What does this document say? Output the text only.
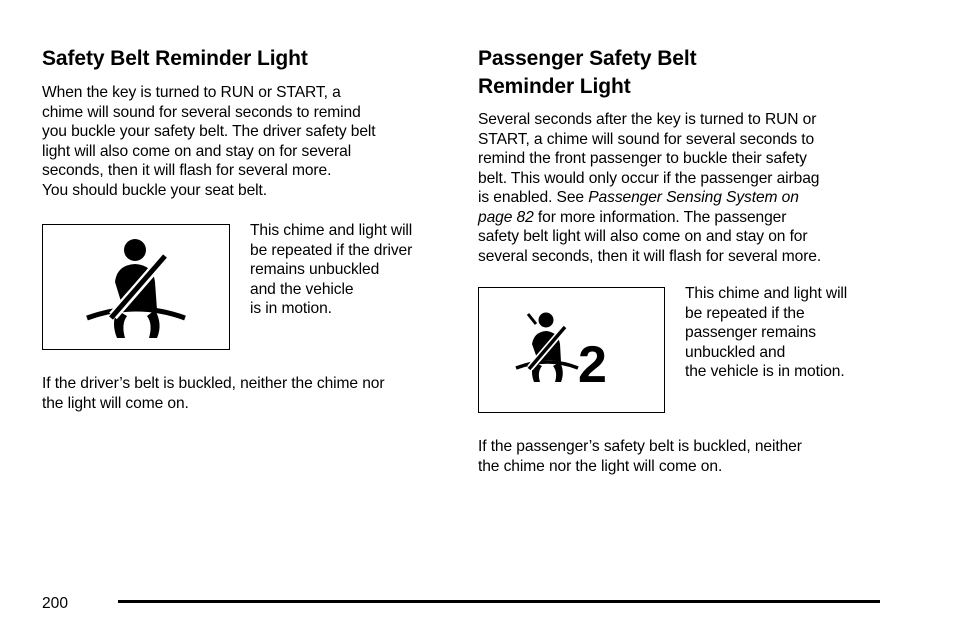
Safety Belt Reminder Light

When the key is turned to RUN or START, a
chime will sound for several seconds to remind
you buckle your safety belt. The driver safety belt
light will also come on and stay on for several
seconds, then it will flash for several more.
You should buckle your seat belt.

This chime and light will
be repeated if the driver
remains unbuckled
and the vehicle
is in motion.

If the driver’s belt is buckled, neither the chime nor
the light will come on.

Passenger Safety Belt
Reminder Light

Several seconds after the key is turned to RUN or
START, a chime will sound for several seconds to
remind the front passenger to buckle their safety
belt. This would only occur if the passenger airbag
is enabled. See Passenger Sensing System on
page 82 for more information. The passenger
safety belt light will also come on and stay on for
several seconds, then it will flash for several more.

2

This chime and light will
be repeated if the
passenger remains
unbuckled and
the vehicle is in motion.

If the passenger’s safety belt is buckled, neither
the chime nor the light will come on.

200
